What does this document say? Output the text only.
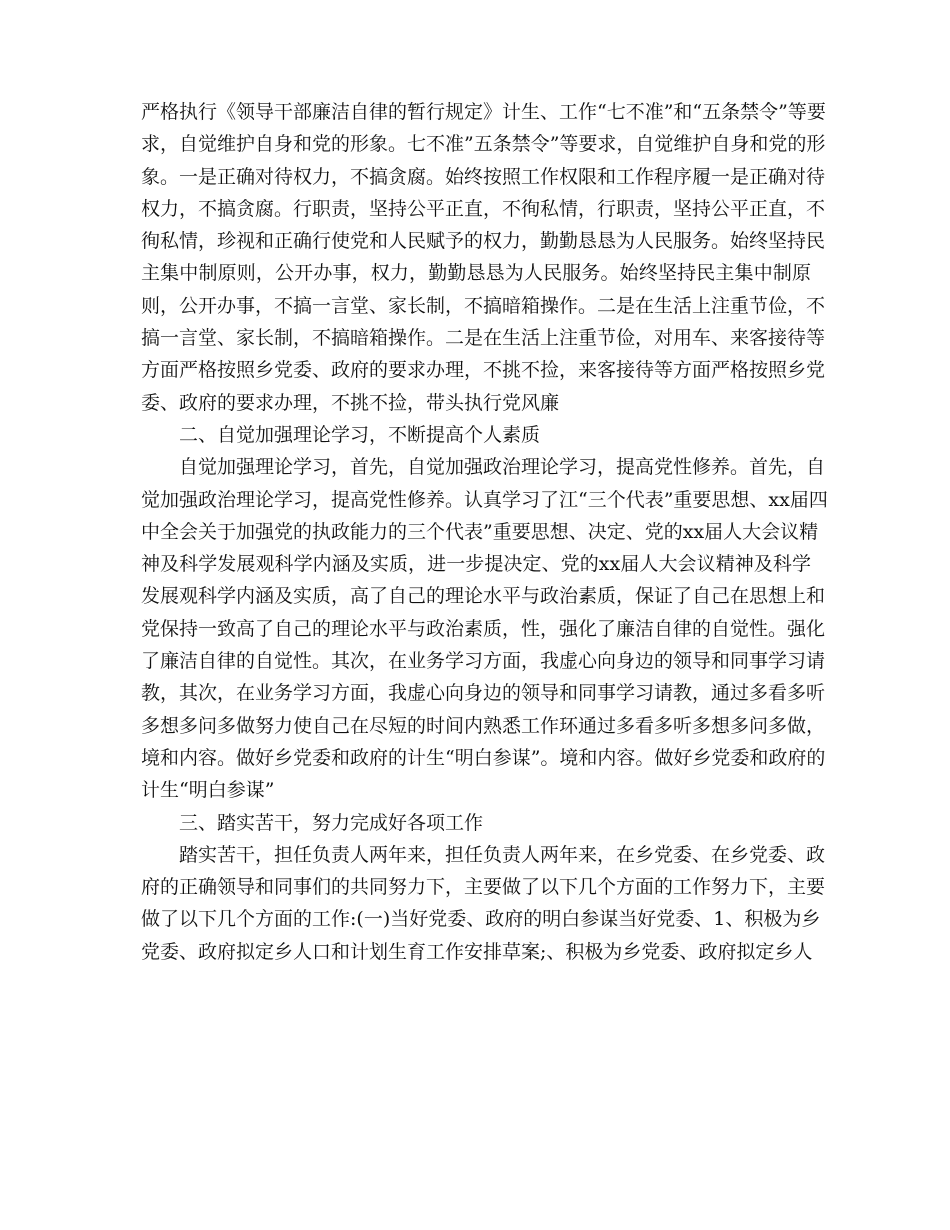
严格执行《领导干部廉洁自律的暂行规定》计生、工作“七不准”和“五条禁令”等要
求，自觉维护自身和党的形象。七不准”五条禁令”等要求，自觉维护自身和党的形
象。一是正确对待权力，不搞贪腐。始终按照工作权限和工作程序履一是正确对待
权力，不搞贪腐。行职责，坚持公平正直，不徇私情，行职责，坚持公平正直，不
徇私情，珍视和正确行使党和人民赋予的权力，勤勤恳恳为人民服务。始终坚持民
主集中制原则，公开办事，权力，勤勤恳恳为人民服务。始终坚持民主集中制原
则，公开办事，不搞一言堂、家长制，不搞暗箱操作。二是在生活上注重节俭，不
搞一言堂、家长制，不搞暗箱操作。二是在生活上注重节俭，对用车、来客接待等
方面严格按照乡党委、政府的要求办理，不挑不捡，来客接待等方面严格按照乡党
委、政府的要求办理，不挑不捡，带头执行党风廉
二、自觉加强理论学习，不断提高个人素质
自觉加强理论学习，首先，自觉加强政治理论学习，提高党性修养。首先，自
觉加强政治理论学习，提高党性修养。认真学习了江“三个代表”重要思想、xx届四
中全会关于加强党的执政能力的三个代表”重要思想、决定、党的xx届人大会议精
神及科学发展观科学内涵及实质，进一步提决定、党的xx届人大会议精神及科学
发展观科学内涵及实质，高了自己的理论水平与政治素质，保证了自己在思想上和
党保持一致高了自己的理论水平与政治素质，性，强化了廉洁自律的自觉性。强化
了廉洁自律的自觉性。其次，在业务学习方面，我虚心向身边的领导和同事学习请
教，其次，在业务学习方面，我虚心向身边的领导和同事学习请教，通过多看多听
多想多问多做努力使自己在尽短的时间内熟悉工作环通过多看多听多想多问多做，
境和内容。做好乡党委和政府的计生“明白参谋”。境和内容。做好乡党委和政府的
计生“明白参谋”
三、踏实苦干，努力完成好各项工作
踏实苦干，担任负责人两年来，担任负责人两年来，在乡党委、在乡党委、政
府的正确领导和同事们的共同努力下，主要做了以下几个方面的工作努力下，主要
做了以下几个方面的工作:(一)当好党委、政府的明白参谋当好党委、1、积极为乡
党委、政府拟定乡人口和计划生育工作安排草案;、积极为乡党委、政府拟定乡人
